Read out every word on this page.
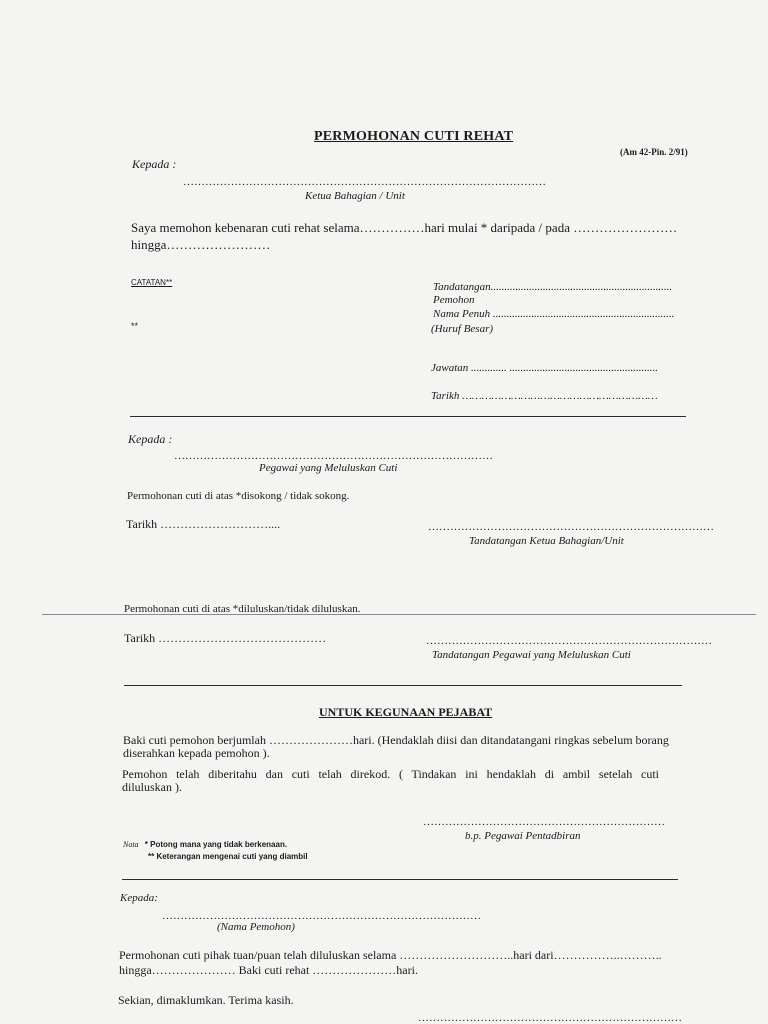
PERMOHONAN CUTI REHAT
(Am 42-Pin. 2/91)
Kepada :
………………………………………………………………………………………
Ketua Bahagian / Unit
Saya memohon kebenaran cuti rehat selama……………hari mulai * daripada / pada ……………………
hingga……………………
CATATAN**
**
Tandatangan..................................................................
Pemohon
Nama Penuh ..................................................................
(Huruf Besar)
Jawatan ............. ......................................................
Tarikh ……………………………………………………
Kepada :
……………………………………………………………………………
Pegawai yang Meluluskan Cuti
Permohonan cuti di atas *disokong / tidak sokong.
Tarikh ………………………....	……………………………………………………………………
Tandatangan Ketua Bahagian/Unit
Permohonan cuti di atas *diluluskan/tidak diluluskan.
Tarikh ……………………………………	……………………………………………………………………
Tandatangan Pegawai yang Meluluskan Cuti
UNTUK KEGUNAAN PEJABAT
Baki cuti pemohon berjumlah …………………hari. (Hendaklah diisi dan ditandatangani ringkas sebelum borang
diserahkan kepada pemohon ).
Pemohon telah diberitahu dan cuti telah direkod. ( Tindakan ini hendaklah di ambil setelah cuti
diluluskan ).
…………………………………………………………
b.p. Pegawai Pentadbiran
Nota * Potong mana yang tidak berkenaan.
** Keterangan mengenai cuti yang diambil
Kepada:
……………………………………………………………………………
(Nama Pemohon)
Permohonan cuti pihak tuan/puan telah diluluskan selama ………………………..hari dari……………..………..
hingga………………… Baki cuti rehat …………………hari.
Sekian, dimaklumkan. Terima kasih.
………………………………………………………………
